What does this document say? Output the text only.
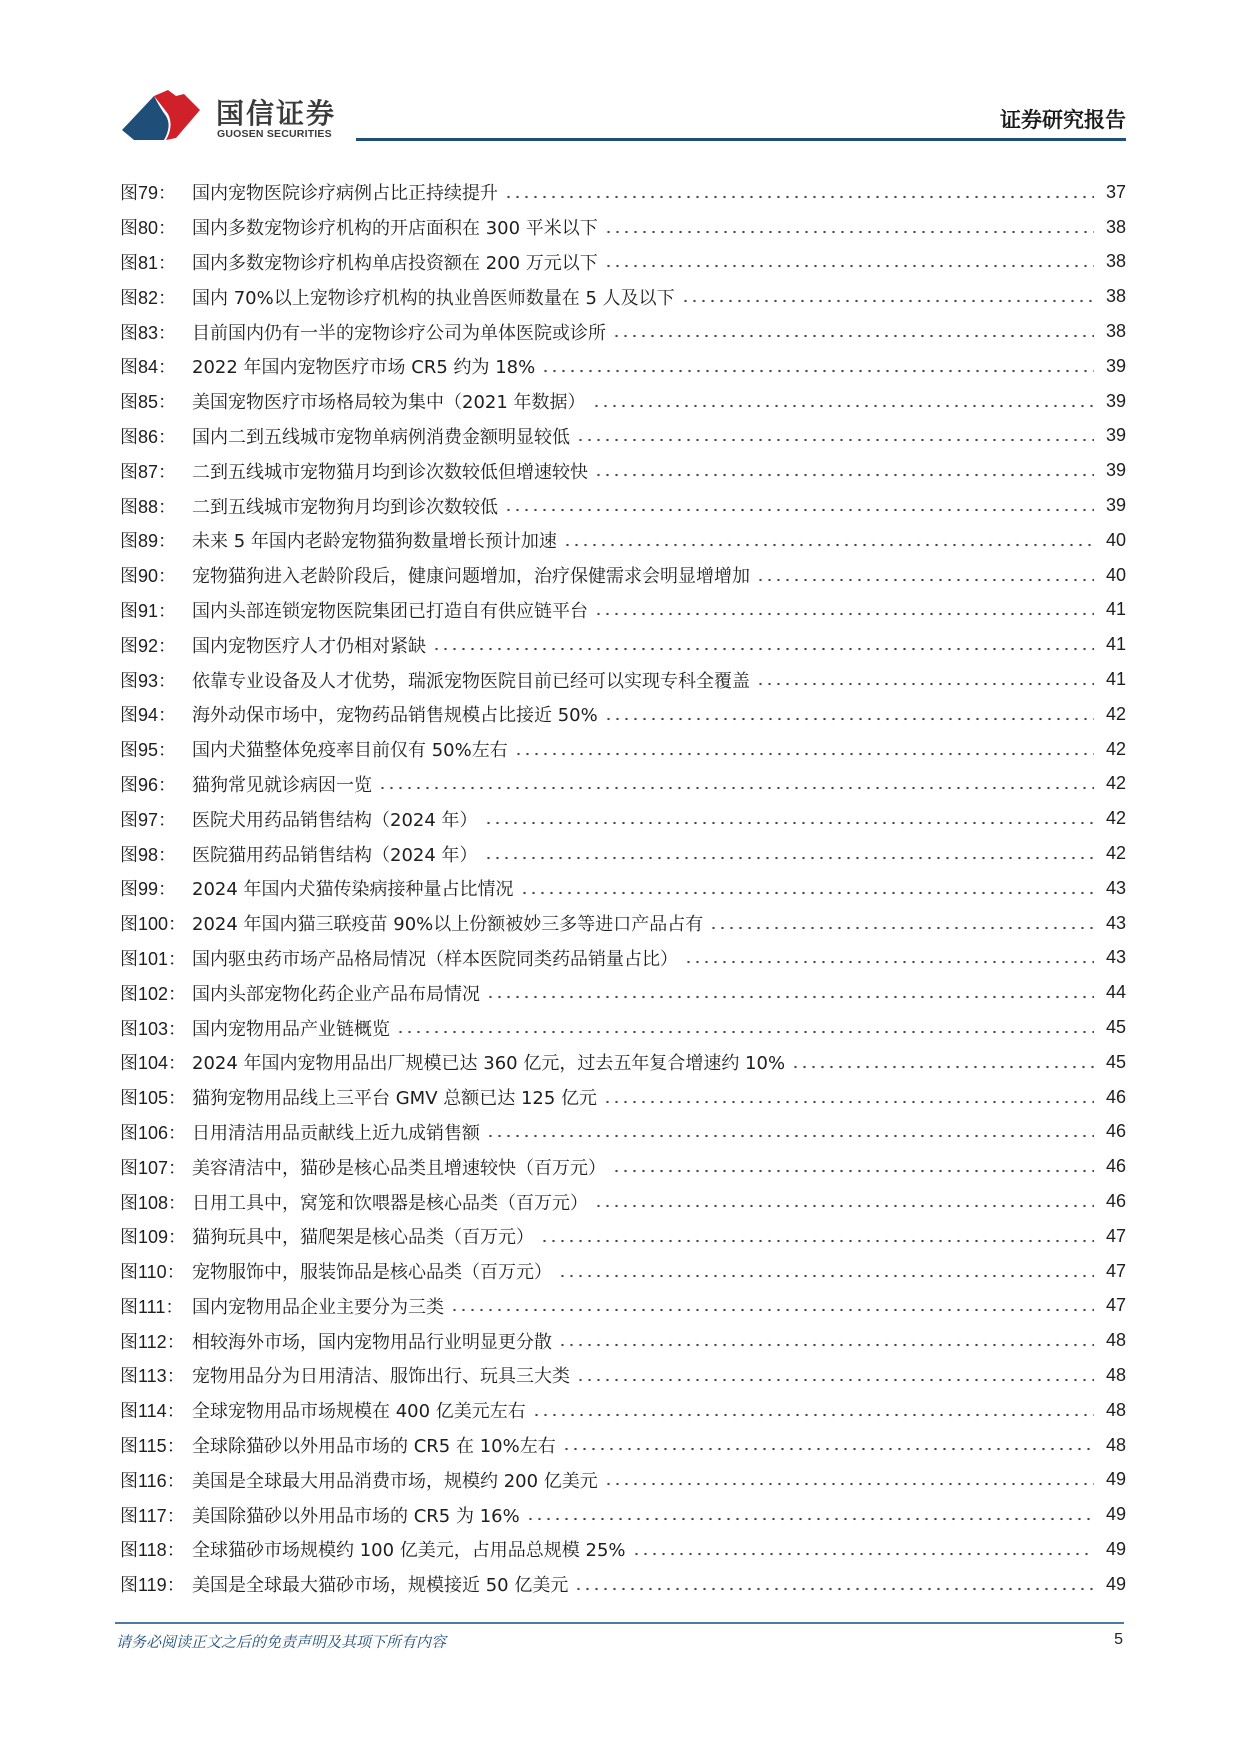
国信证券
GUOSEN SECURITIES
证券研究报告
图79： 国内宠物医院诊疗病例占比正持续提升	37
图80： 国内多数宠物诊疗机构的开店面积在 300 平米以下	38
图81： 国内多数宠物诊疗机构单店投资额在 200 万元以下	38
图82： 国内 70%以上宠物诊疗机构的执业兽医师数量在 5 人及以下	38
图83： 目前国内仍有一半的宠物诊疗公司为单体医院或诊所	38
图84： 2022 年国内宠物医疗市场 CR5 约为 18%	39
图85： 美国宠物医疗市场格局较为集中（2021 年数据）	39
图86： 国内二到五线城市宠物单病例消费金额明显较低	39
图87： 二到五线城市宠物猫月均到诊次数较低但增速较快	39
图88： 二到五线城市宠物狗月均到诊次数较低	39
图89： 未来 5 年国内老龄宠物猫狗数量增长预计加速	40
图90： 宠物猫狗进入老龄阶段后，健康问题增加，治疗保健需求会明显增增加	40
图91： 国内头部连锁宠物医院集团已打造自有供应链平台	41
图92： 国内宠物医疗人才仍相对紧缺	41
图93： 依靠专业设备及人才优势，瑞派宠物医院目前已经可以实现专科全覆盖	41
图94： 海外动保市场中，宠物药品销售规模占比接近 50%	42
图95： 国内犬猫整体免疫率目前仅有 50%左右	42
图96： 猫狗常见就诊病因一览	42
图97： 医院犬用药品销售结构（2024 年）	42
图98： 医院猫用药品销售结构（2024 年）	42
图99： 2024 年国内犬猫传染病接种量占比情况	43
图100： 2024 年国内猫三联疫苗 90%以上份额被妙三多等进口产品占有	43
图101： 国内驱虫药市场产品格局情况（样本医院同类药品销量占比）	43
图102： 国内头部宠物化药企业产品布局情况	44
图103： 国内宠物用品产业链概览	45
图104： 2024 年国内宠物用品出厂规模已达 360 亿元，过去五年复合增速约 10%	45
图105： 猫狗宠物用品线上三平台 GMV 总额已达 125 亿元	46
图106： 日用清洁用品贡献线上近九成销售额	46
图107： 美容清洁中，猫砂是核心品类且增速较快（百万元）	46
图108： 日用工具中，窝笼和饮喂器是核心品类（百万元）	46
图109： 猫狗玩具中，猫爬架是核心品类（百万元）	47
图110： 宠物服饰中，服装饰品是核心品类（百万元）	47
图111： 国内宠物用品企业主要分为三类	47
图112： 相较海外市场，国内宠物用品行业明显更分散	48
图113： 宠物用品分为日用清洁、服饰出行、玩具三大类	48
图114： 全球宠物用品市场规模在 400 亿美元左右	48
图115： 全球除猫砂以外用品市场的 CR5 在 10%左右	48
图116： 美国是全球最大用品消费市场，规模约 200 亿美元	49
图117： 美国除猫砂以外用品市场的 CR5 为 16%	49
图118： 全球猫砂市场规模约 100 亿美元，占用品总规模 25%	49
图119： 美国是全球最大猫砂市场，规模接近 50 亿美元	49
请务必阅读正文之后的免责声明及其项下所有内容	5
